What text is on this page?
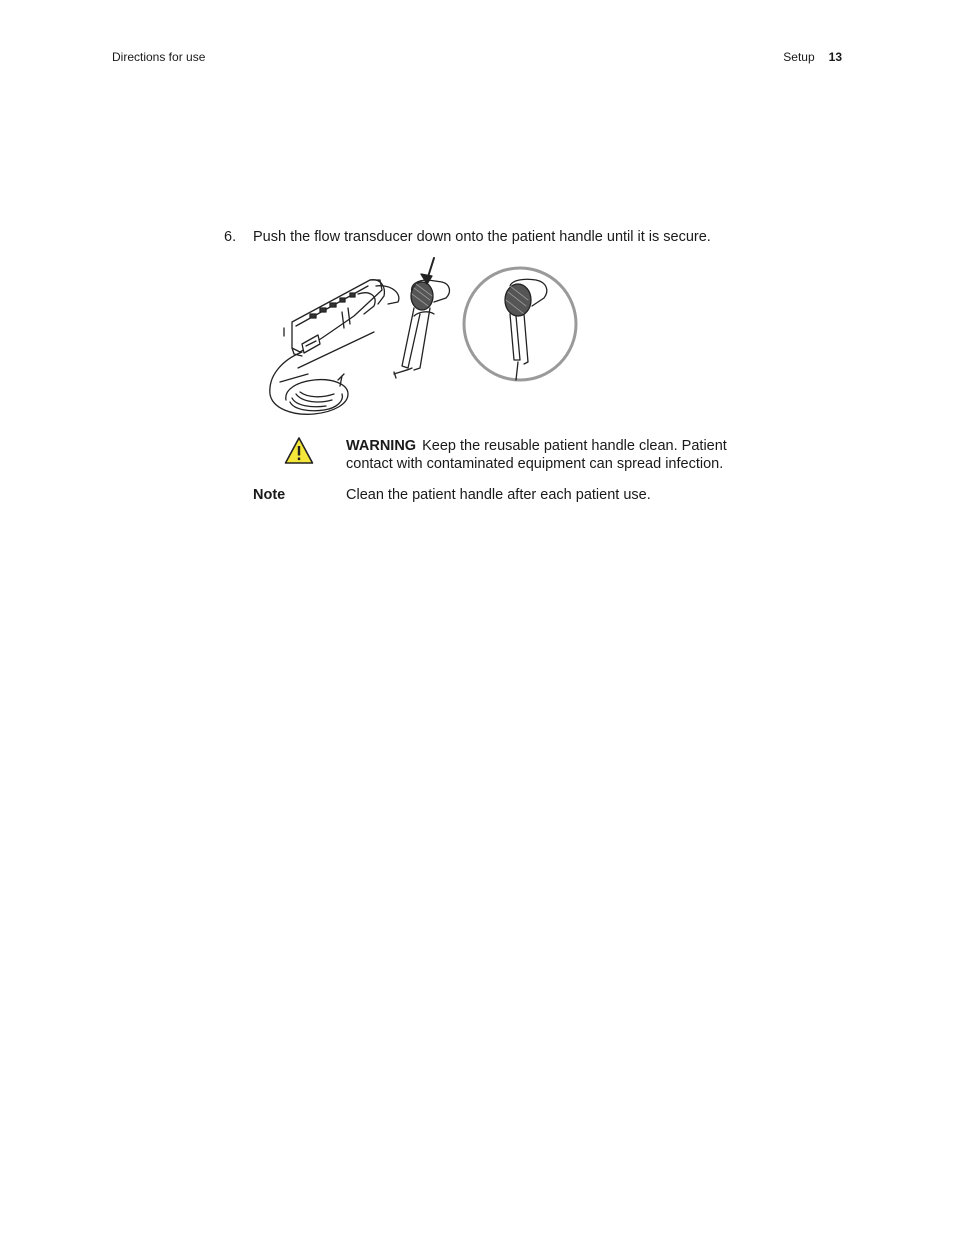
Directions for use	Setup 13
6. Push the flow transducer down onto the patient handle until it is secure.
WARNING Keep the reusable patient handle clean. Patient contact with contaminated equipment can spread infection.
Note	Clean the patient handle after each patient use.
